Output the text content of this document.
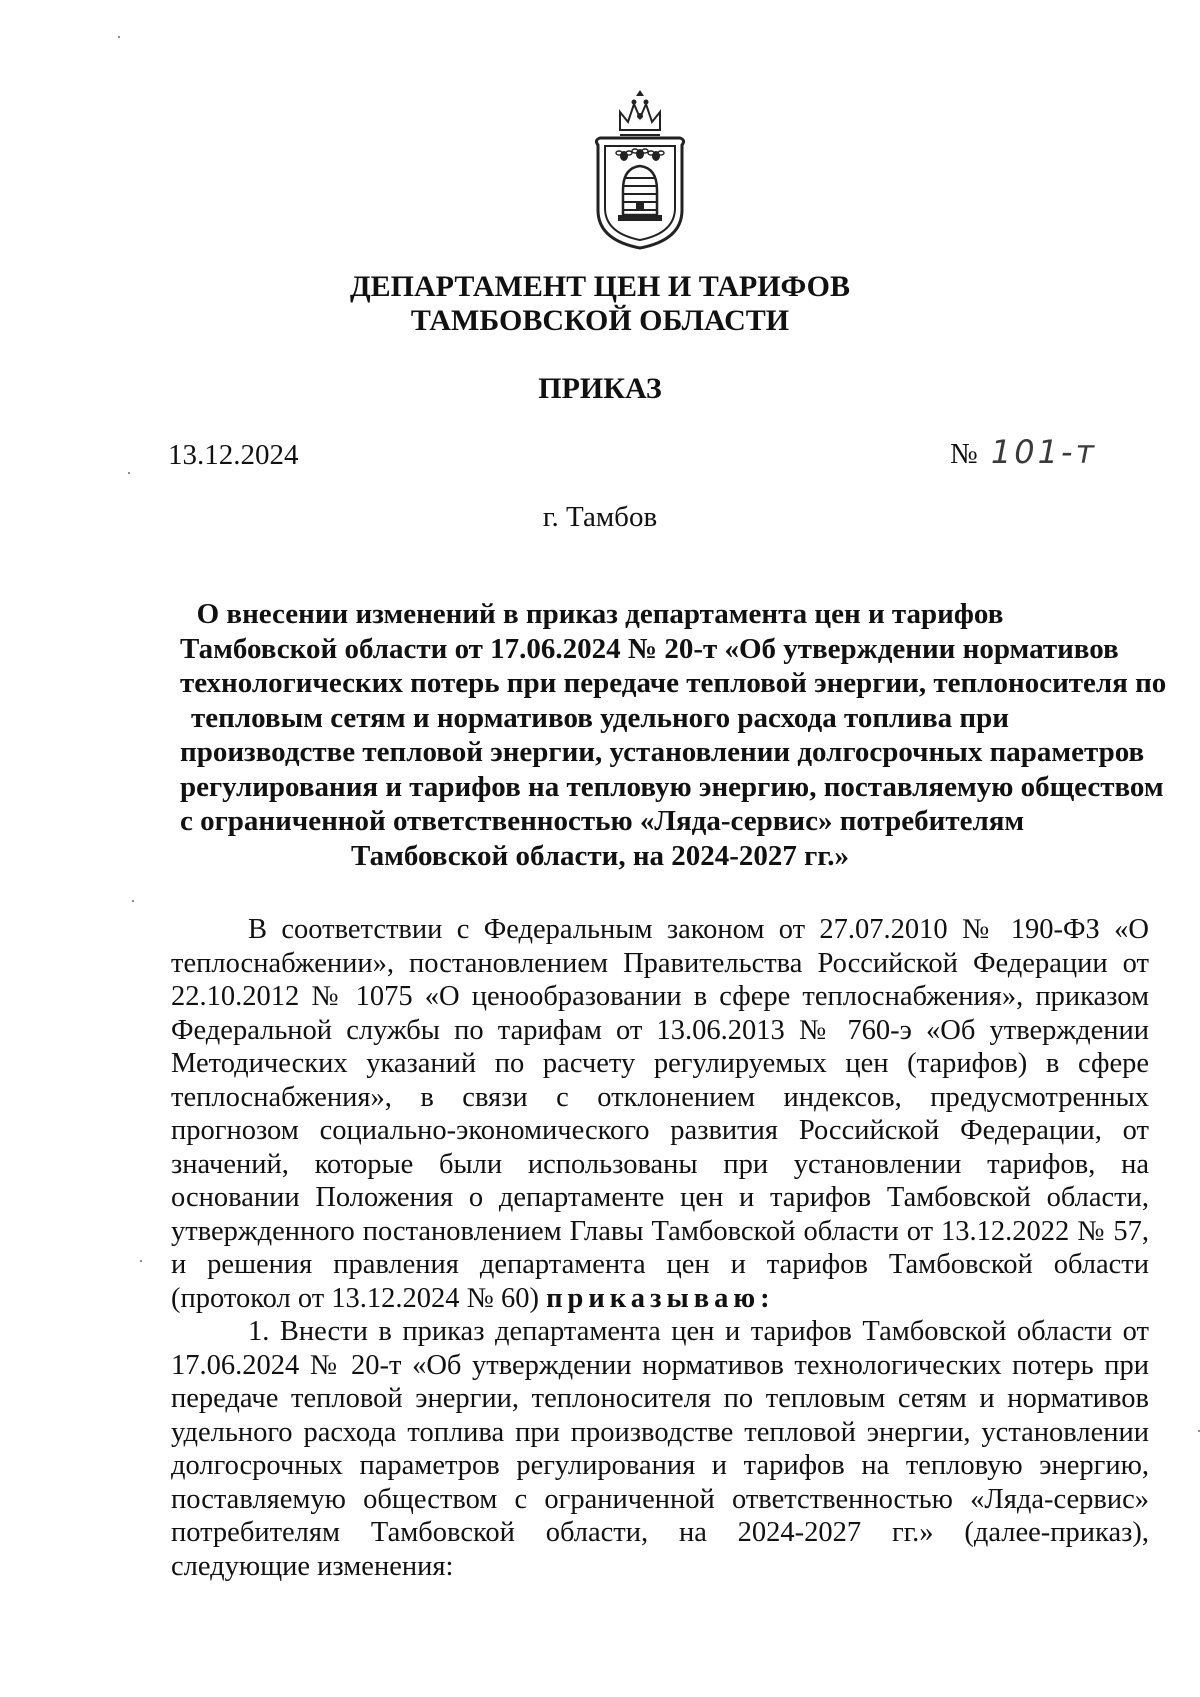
ДЕПАРТАМЕНТ ЦЕН И ТАРИФОВ
ТАМБОВСКОЙ ОБЛАСТИ
ПРИКАЗ
13.12.2024	№ 101-т
г. Тамбов
О внесении изменений в приказ департамента цен и тарифов
Тамбовской области от 17.06.2024 № 20-т «Об утверждении нормативов
технологических потерь при передаче тепловой энергии, теплоносителя по
тепловым сетям и нормативов удельного расхода топлива при
производстве тепловой энергии, установлении долгосрочных параметров
регулирования и тарифов на тепловую энергию, поставляемую обществом
с ограниченной ответственностью «Ляда-сервис» потребителям
Тамбовской области, на 2024-2027 гг.»

В соответствии с Федеральным законом от 27.07.2010 № 190-ФЗ «О теплоснабжении», постановлением Правительства Российской Федерации от 22.10.2012 № 1075 «О ценообразовании в сфере теплоснабжения», приказом Федеральной службы по тарифам от 13.06.2013 № 760-э «Об утверждении Методических указаний по расчету регулируемых цен (тарифов) в сфере теплоснабжения», в связи с отклонением индексов, предусмотренных прогнозом социально-экономического развития Российской Федерации, от значений, которые были использованы при установлении тарифов, на основании Положения о департаменте цен и тарифов Тамбовской области, утвержденного постановлением Главы Тамбовской области от 13.12.2022 № 57, и решения правления департамента цен и тарифов Тамбовской области (протокол от 13.12.2024 № 60) приказываю:

1. Внести в приказ департамента цен и тарифов Тамбовской области от 17.06.2024 № 20-т «Об утверждении нормативов технологических потерь при передаче тепловой энергии, теплоносителя по тепловым сетям и нормативов удельного расхода топлива при производстве тепловой энергии, установлении долгосрочных параметров регулирования и тарифов на тепловую энергию, поставляемую обществом с ограниченной ответственностью «Ляда-сервис» потребителям Тамбовской области, на 2024-2027 гг.» (далее-приказ), следующие изменения:
